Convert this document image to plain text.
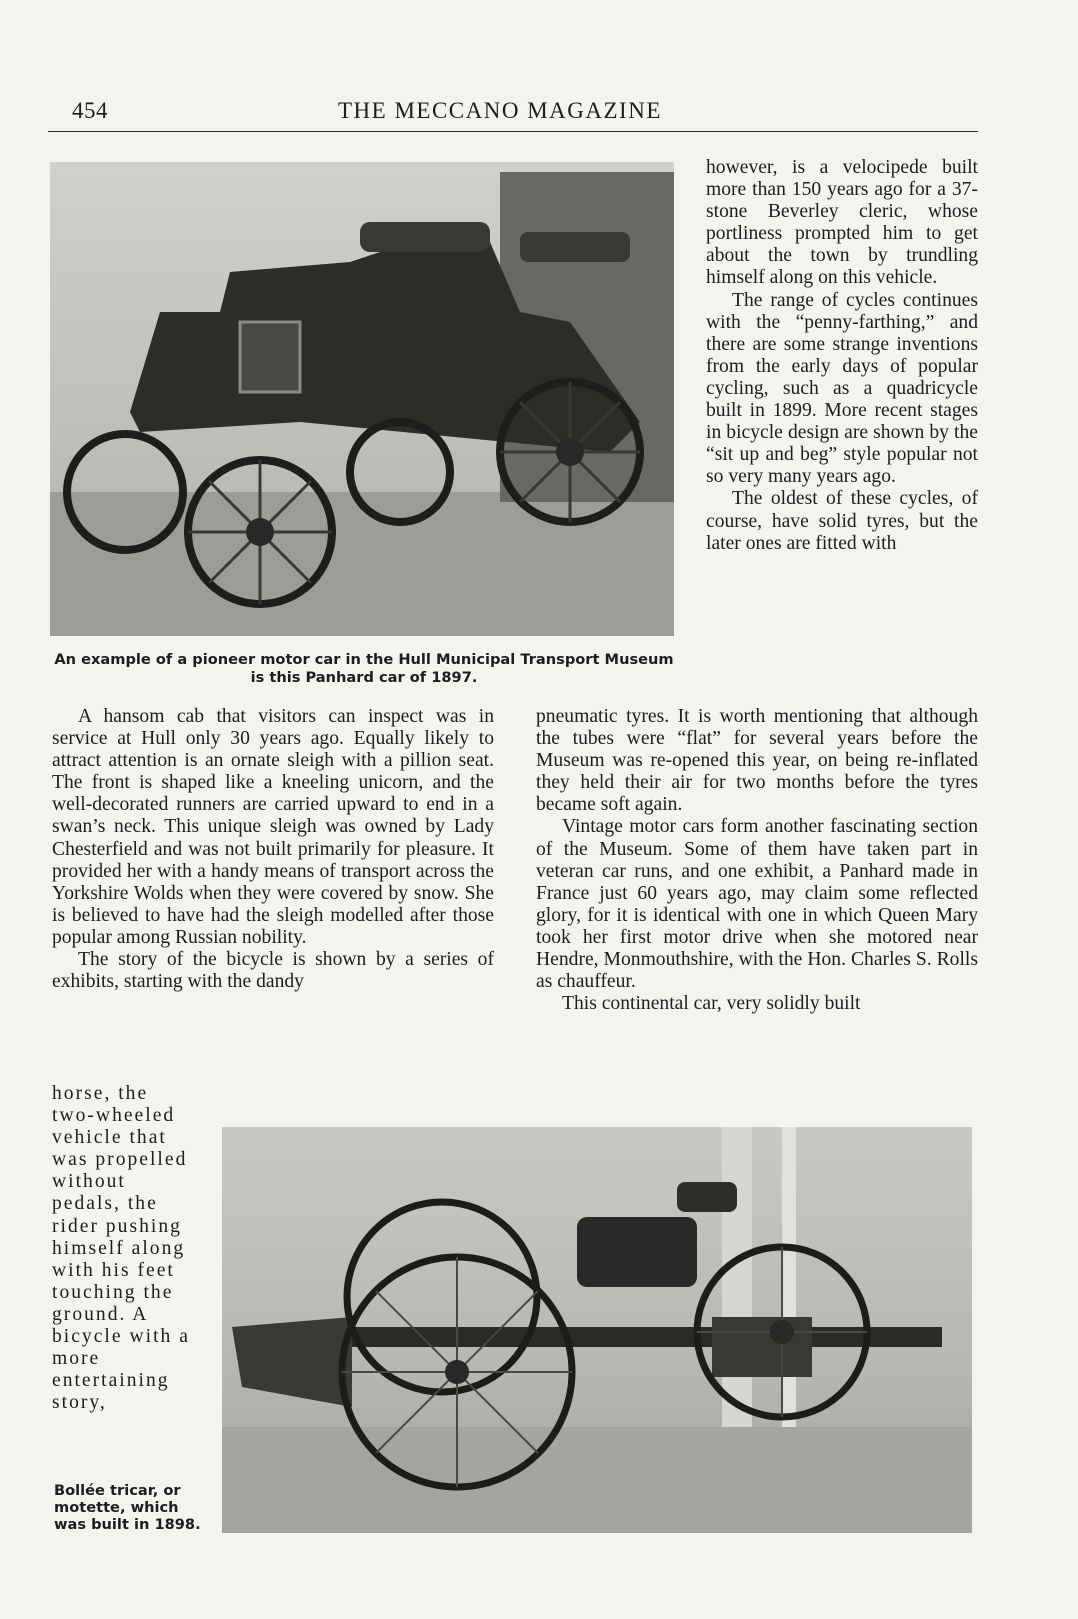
454	THE MECCANO MAGAZINE
An example of a pioneer motor car in the Hull Municipal Transport Museum is this Panhard car of 1897.

however, is a velocipede built more than 150 years ago for a 37-stone Beverley cleric, whose portliness prompted him to get about the town by trundling himself along on this vehicle.

The range of cycles continues with the “penny-farthing,” and there are some strange inventions from the early days of popular cycling, such as a quadricycle built in 1899. More recent stages in bicycle design are shown by the “sit up and beg” style popular not so very many years ago.

The oldest of these cycles, of course, have solid tyres, but the later ones are fitted with

A hansom cab that visitors can inspect was in service at Hull only 30 years ago. Equally likely to attract attention is an ornate sleigh with a pillion seat. The front is shaped like a kneeling unicorn, and the well-decorated runners are carried upward to end in a swan’s neck. This unique sleigh was owned by Lady Chesterfield and was not built primarily for pleasure. It provided her with a handy means of transport across the Yorkshire Wolds when they were covered by snow. She is believed to have had the sleigh modelled after those popular among Russian nobility.

The story of the bicycle is shown by a series of exhibits, starting with the dandy

pneumatic tyres. It is worth mentioning that although the tubes were “flat” for several years before the Museum was re-opened this year, on being re-inflated they held their air for two months before the tyres became soft again.

Vintage motor cars form another fascinating section of the Museum. Some of them have taken part in veteran car runs, and one exhibit, a Panhard made in France just 60 years ago, may claim some reflected glory, for it is identical with one in which Queen Mary took her first motor drive when she motored near Hendre, Monmouthshire, with the Hon. Charles S. Rolls as chauffeur.

This continental car, very solidly built

horse, the two-wheeled vehicle that was propelled without pedals, the rider pushing himself along with his feet touching the ground. A bicycle with a more entertaining story,

Bollée tricar, or motette, which was built in 1898.
